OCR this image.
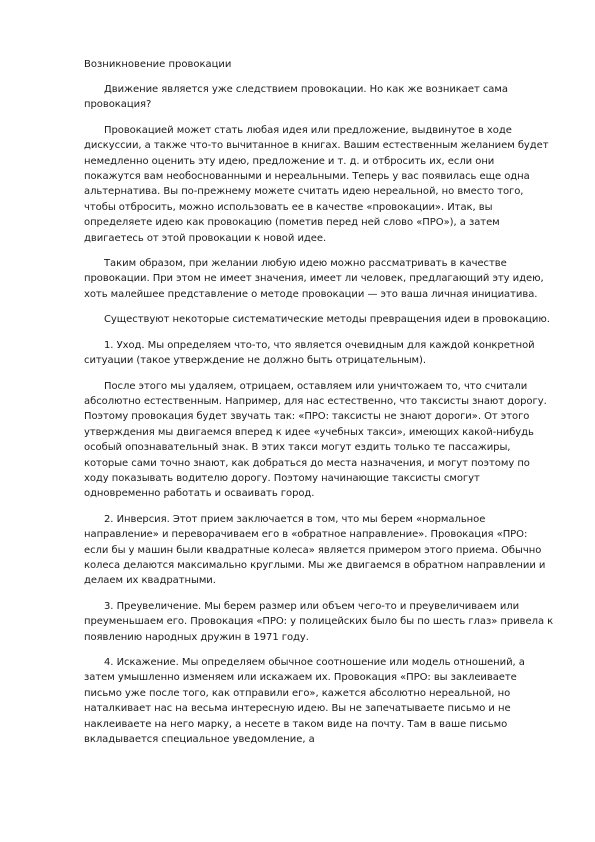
Возникновение провокации

Движение является уже следствием провокации. Но как же возникает сама провокация?

Провокацией может стать любая идея или предложение, выдвинутое в ходе дискуссии, а также что-то вычитанное в книгах. Вашим естественным желанием будет немедленно оценить эту идею, предложение и т. д. и отбросить их, если они покажутся вам необоснованными и нереальными. Теперь у вас появилась еще одна альтернатива. Вы по-прежнему можете считать идею нереальной, но вместо того, чтобы отбросить, можно использовать ее в качестве «провокации». Итак, вы определяете идею как провокацию (пометив перед ней слово «ПРО»), а затем двигаетесь от этой провокации к новой идее.

Таким образом, при желании любую идею можно рассматривать в качестве провокации. При этом не имеет значения, имеет ли человек, предлагающий эту идею, хоть малейшее представление о методе провокации — это ваша личная инициатива.

Существуют некоторые систематические методы превращения идеи в провокацию.

1. Уход. Мы определяем что-то, что является очевидным для каждой конкретной ситуации (такое утверждение не должно быть отрицательным).

После этого мы удаляем, отрицаем, оставляем или уничтожаем то, что считали абсолютно естественным. Например, для нас естественно, что таксисты знают дорогу. Поэтому провокация будет звучать так: «ПРО: таксисты не знают дороги». От этого утверждения мы двигаемся вперед к идее «учебных такси», имеющих какой-нибудь особый опознавательный знак. В этих такси могут ездить только те пассажиры, которые сами точно знают, как добраться до места назначения, и могут поэтому по ходу показывать водителю дорогу. Поэтому начинающие таксисты смогут одновременно работать и осваивать город.

2. Инверсия. Этот прием заключается в том, что мы берем «нормальное направление» и переворачиваем его в «обратное направление». Провокация «ПРО: если бы у машин были квадратные колеса» является примером этого приема. Обычно колеса делаются максимально круглыми. Мы же двигаемся в обратном направлении и делаем их квадратными.

3. Преувеличение. Мы берем размер или объем чего-то и преувеличиваем или преуменьшаем его. Провокация «ПРО: у полицейских было бы по шесть глаз» привела к появлению народных дружин в 1971 году.

4. Искажение. Мы определяем обычное соотношение или модель отношений, а затем умышленно изменяем или искажаем их. Провокация «ПРО: вы заклеиваете письмо уже после того, как отправили его», кажется абсолютно нереальной, но наталкивает нас на весьма интересную идею. Вы не запечатываете письмо и не наклеиваете на него марку, а несете в таком виде на почту. Там в ваше письмо вкладывается специальное уведомление, а
